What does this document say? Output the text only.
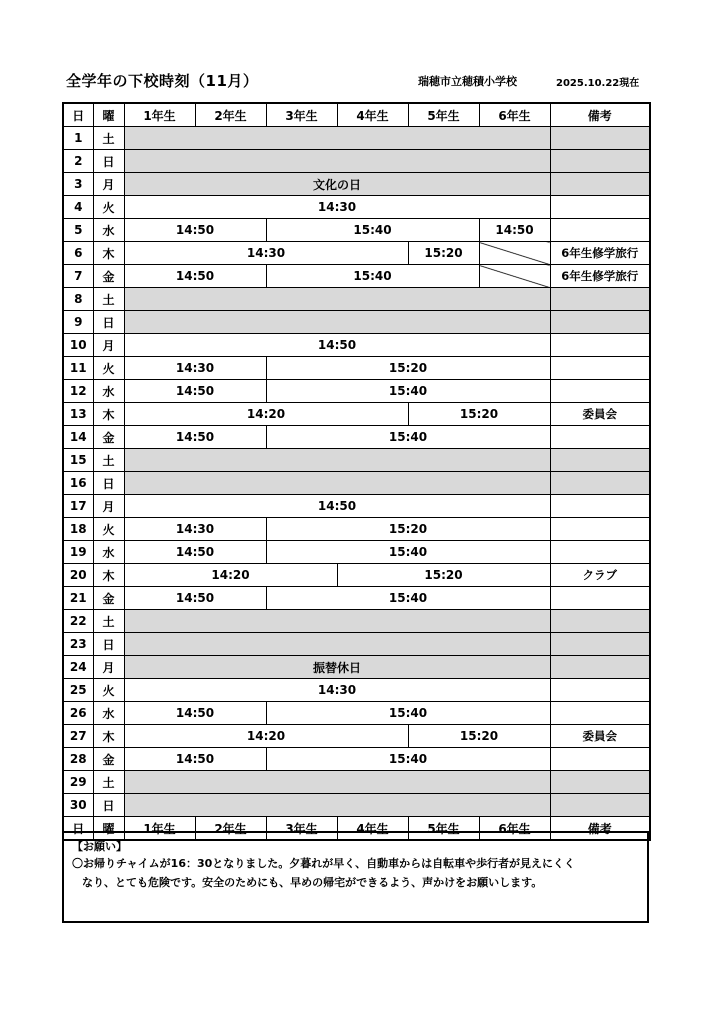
全学年の下校時刻（11月）	瑞穂市立穂積小学校	2025.10.22現在
日	曜	1年生	2年生	3年生	4年生	5年生	6年生	備考
1	土							
2	日							
3	月	文化の日						
4	火	14:30						
5	水	14:50		15:40			14:50	
6	木	14:30				15:20		6年生修学旅行
7	金	14:50		15:40				6年生修学旅行
8	土							
9	日							
10	月	14:50						
11	火	14:30		15:20				
12	水	14:50		15:40				
13	木	14:20				15:20		委員会
14	金	14:50		15:40				
15	土							
16	日							
17	月	14:50						
18	火	14:30		15:20				
19	水	14:50		15:40				
20	木	14:20			15:20			クラブ
21	金	14:50		15:40				
22	土							
23	日							
24	月	振替休日						
25	火	14:30						
26	水	14:50		15:40				
27	木	14:20				15:20		委員会
28	金	14:50		15:40				
29	土							
30	日							
日	曜	1年生	2年生	3年生	4年生	5年生	6年生	備考
【お願い】
〇お帰りチャイムが16：30となりました。夕暮れが早く、自動車からは自転車や歩行者が見えにくく
なり、とても危険です。安全のためにも、早めの帰宅ができるよう、声かけをお願いします。
